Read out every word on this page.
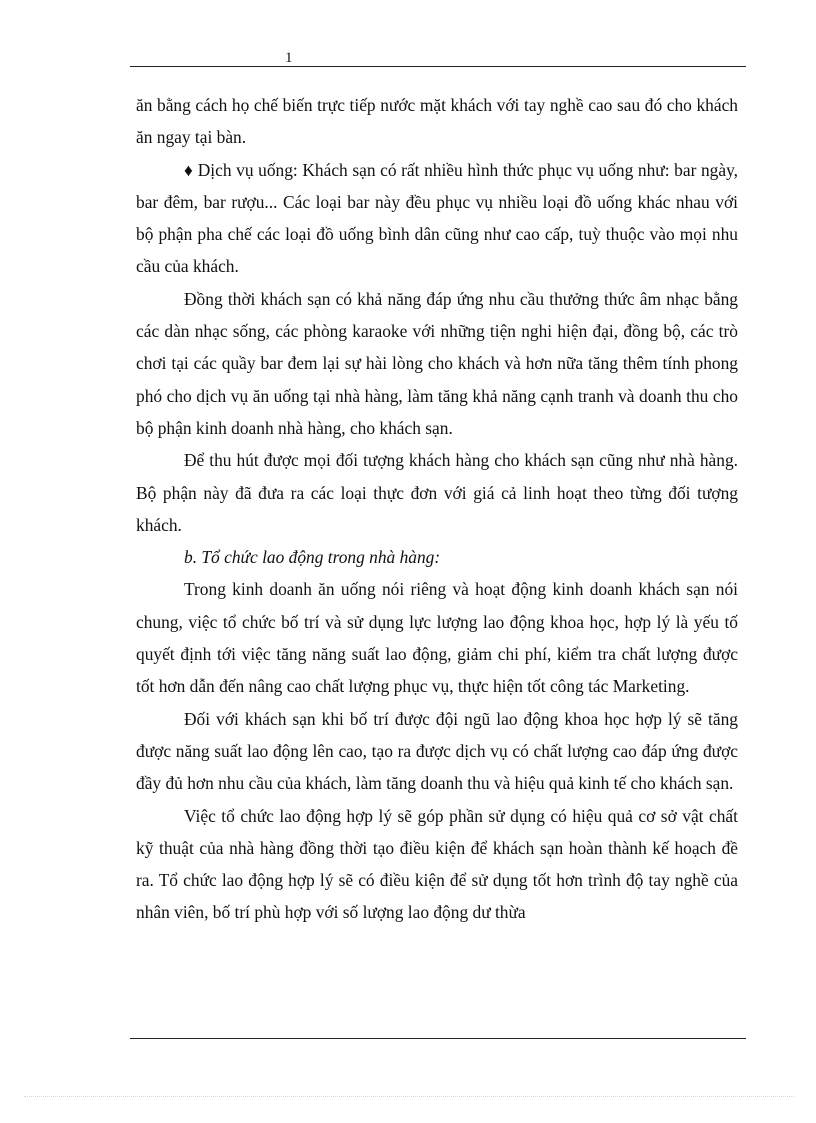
1

ăn bằng cách họ chế biến trực tiếp nước mặt khách với tay nghề cao sau đó cho khách ăn ngay tại bàn.

♦ Dịch vụ uống: Khách sạn có rất nhiều hình thức phục vụ uống như: bar ngày, bar đêm, bar rượu... Các loại bar này đều phục vụ nhiều loại đồ uống khác nhau với bộ phận pha chế các loại đồ uống bình dân cũng như cao cấp, tuỳ thuộc vào mọi nhu cầu của khách.

Đồng thời khách sạn có khả năng đáp ứng nhu cầu thưởng thức âm nhạc bằng các dàn nhạc sống, các phòng karaoke với những tiện nghi hiện đại, đồng bộ, các trò chơi tại các quầy bar đem lại sự hài lòng cho khách và hơn nữa tăng thêm tính phong phó cho dịch vụ ăn uống tại nhà hàng, làm tăng khả năng cạnh tranh và doanh thu cho bộ phận kinh doanh nhà hàng, cho khách sạn.

Để thu hút được mọi đối tượng khách hàng cho khách sạn cũng như nhà hàng. Bộ phận này đã đưa ra các loại thực đơn với giá cả linh hoạt theo từng đối tượng khách.

b. Tổ chức lao động trong nhà hàng:

Trong kinh doanh ăn uống nói riêng và hoạt động kinh doanh khách sạn nói chung, việc tổ chức bố trí và sử dụng lực lượng lao động khoa học, hợp lý là yếu tố quyết định tới việc tăng năng suất lao động, giảm chi phí, kiểm tra chất lượng được tốt hơn dẫn đến nâng cao chất lượng phục vụ, thực hiện tốt công tác Marketing.

Đối với khách sạn khi bố trí được đội ngũ lao động khoa học hợp lý sẽ tăng được năng suất lao động lên cao, tạo ra được dịch vụ có chất lượng cao đáp ứng được đầy đủ hơn nhu cầu của khách, làm tăng doanh thu và hiệu quả kinh tế cho khách sạn.

Việc tổ chức lao động hợp lý sẽ góp phần sử dụng có hiệu quả cơ sở vật chất kỹ thuật của nhà hàng đồng thời tạo điều kiện để khách sạn hoàn thành kế hoạch đề ra. Tổ chức lao động hợp lý sẽ có điều kiện để sử dụng tốt hơn trình độ tay nghề của nhân viên, bố trí phù hợp với số lượng lao động dư thừa
